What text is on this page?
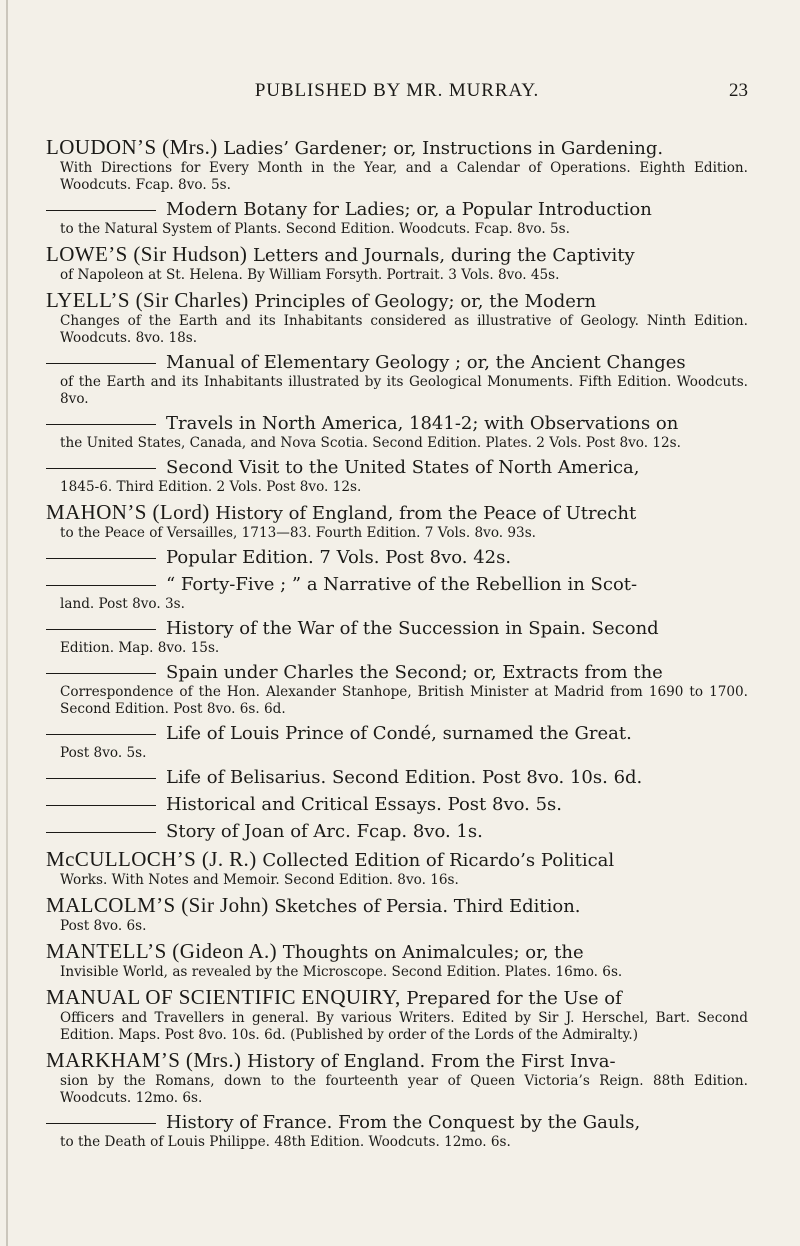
PUBLISHED BY MR. MURRAY.	23
LOUDON’S (Mrs.) Ladies’ Gardener; or, Instructions in Gardening.
With Directions for Every Month in the Year, and a Calendar of Operations. Eighth Edition. Woodcuts. Fcap. 8vo. 5s.
Modern Botany for Ladies; or, a Popular Introduction
to the Natural System of Plants. Second Edition. Woodcuts. Fcap. 8vo. 5s.
LOWE’S (Sir Hudson) Letters and Journals, during the Captivity
of Napoleon at St. Helena. By William Forsyth. Portrait. 3 Vols. 8vo. 45s.
LYELL’S (Sir Charles) Principles of Geology; or, the Modern
Changes of the Earth and its Inhabitants considered as illustrative of Geology. Ninth Edition. Woodcuts. 8vo. 18s.
Manual of Elementary Geology ; or, the Ancient Changes
of the Earth and its Inhabitants illustrated by its Geological Monuments. Fifth Edition. Woodcuts. 8vo.
Travels in North America, 1841-2; with Observations on
the United States, Canada, and Nova Scotia. Second Edition. Plates. 2 Vols. Post 8vo. 12s.
Second Visit to the United States of North America,
1845-6. Third Edition. 2 Vols. Post 8vo. 12s.
MAHON’S (Lord) History of England, from the Peace of Utrecht
to the Peace of Versailles, 1713—83. Fourth Edition. 7 Vols. 8vo. 93s.
Popular Edition. 7 Vols. Post 8vo. 42s.
“ Forty-Five ; ” a Narrative of the Rebellion in Scot-
land. Post 8vo. 3s.
History of the War of the Succession in Spain. Second
Edition. Map. 8vo. 15s.
Spain under Charles the Second; or, Extracts from the
Correspondence of the Hon. Alexander Stanhope, British Minister at Madrid from 1690 to 1700. Second Edition. Post 8vo. 6s. 6d.
Life of Louis Prince of Condé, surnamed the Great.
Post 8vo. 5s.
Life of Belisarius. Second Edition. Post 8vo. 10s. 6d.
Historical and Critical Essays. Post 8vo. 5s.
Story of Joan of Arc. Fcap. 8vo. 1s.
McCULLOCH’S (J. R.) Collected Edition of Ricardo’s Political
Works. With Notes and Memoir. Second Edition. 8vo. 16s.
MALCOLM’S (Sir John) Sketches of Persia. Third Edition.
Post 8vo. 6s.
MANTELL’S (Gideon A.) Thoughts on Animalcules; or, the
Invisible World, as revealed by the Microscope. Second Edition. Plates. 16mo. 6s.
MANUAL OF SCIENTIFIC ENQUIRY, Prepared for the Use of
Officers and Travellers in general. By various Writers. Edited by Sir J. Herschel, Bart. Second Edition. Maps. Post 8vo. 10s. 6d. (Published by order of the Lords of the Admiralty.)
MARKHAM’S (Mrs.) History of England. From the First Inva-
sion by the Romans, down to the fourteenth year of Queen Victoria’s Reign. 88th Edition. Woodcuts. 12mo. 6s.
History of France. From the Conquest by the Gauls,
to the Death of Louis Philippe. 48th Edition. Woodcuts. 12mo. 6s.
